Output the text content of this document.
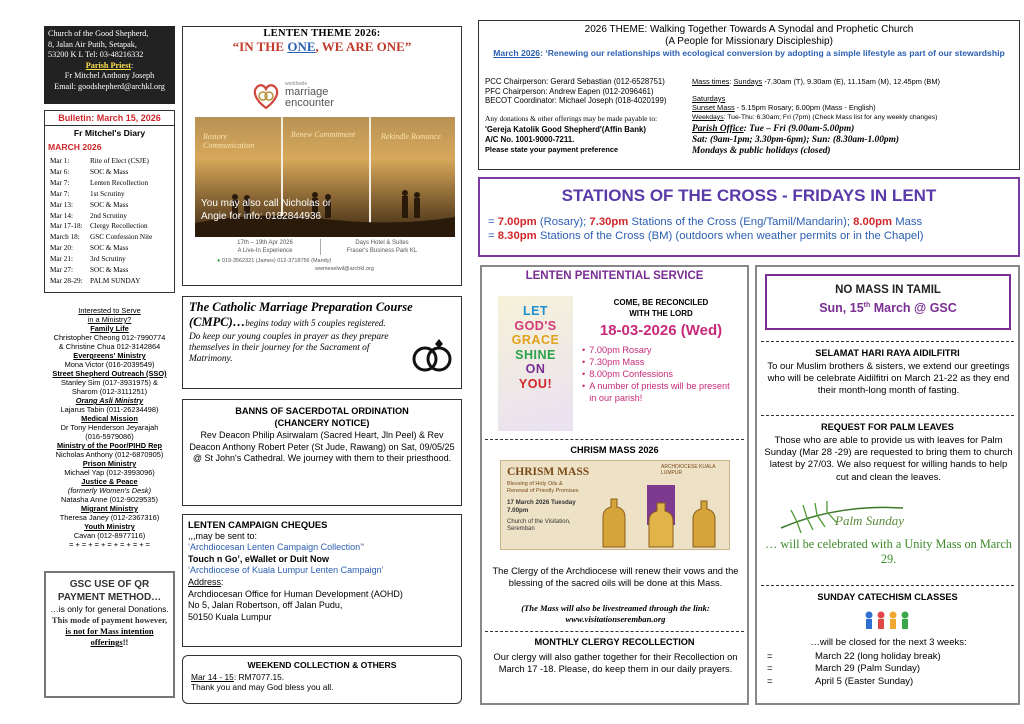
Church of the Good Shepherd,
8, Jalan Air Putih, Setapak,
53200 K L Tel: 03-48216332
Parish Priest:
Fr Mitchel Anthony Joseph
Email: goodshepherd@archkl.org
Bulletin: March 15, 2026
Fr Mitchel's Diary
MARCH 2026
Mar 1:	Rite of Elect (CSJE)
Mar 6:	SOC & Mass
Mar 7:	Lenten Recollection
Mar 7:	1st Scrutiny
Mar 13:	SOC & Mass
Mar 14:	2nd Scrutiny
Mar 17-18:	Clergy Recollection
March 18:	GSC Confession Nite
Mar 20:	SOC & Mass
Mar 21:	3rd Scrutiny
Mar 27:	SOC & Mass
Mar 28-29:	PALM SUNDAY
Interested to Serve
in a Ministry?
Family Life
Christopher Cheong 012-7990774
& Christine Chua 012-3142864
Evergreens' Ministry
Mona Victor (016-2039549)
Street Shepherd Outreach (SSO)
Stanley Sim (017-3931975) &
Sharom (012-3111251)
Orang Asli Ministry
Lajarus Tabin (011-26234498)
Medical Mission
Dr Tony Henderson Jeyarajah
(016-5979086)
Ministry of the Poor/PIHD Rep
Nicholas Anthony (012-6870905)
Prison Ministry
Michael Yap (012-3993096)
Justice & Peace
(formerly Women's Desk)
Natasha Anne (012-9029535)
Migrant Ministry
Theresa Janey (012-2367316)
Youth Ministry
Cavan (012-8977116)
= + = + = + = + = + = + =
GSC USE OF QR PAYMENT METHOD…
…is only for general Donations.
This mode of payment however,
is not for Mass intention offerings!!
LENTEN THEME 2026:
“IN THE ONE, WE ARE ONE”
worldwide
marriage
encounter
Restore Communication
Renew Commitment	Rekindle Romance
You may also call Nicholas or Angie for info: 0182844936
17th – 19th Apr 2026
A Live-In Experience
Days Hotel & Suites
Fraser's Business Park KL
● 019-3562321 (James) 012-3718756 (Mandy)
wwmeselwil@archkl.org
The Catholic Marriage Preparation Course (CMPC)…begins today with 5 couples registered.
Do keep our young couples in prayer as they prepare themselves in their journey for the Sacrament of Matrimony.
BANNS OF SACERDOTAL ORDINATION
(CHANCERY NOTICE)
Rev Deacon Philip Asirwalam (Sacred Heart, Jln Peel) & Rev Deacon Anthony Robert Peter (St Jude, Rawang) on Sat, 09/05/25 @ St John's Cathedral. We journey with them to their priesthood.
LENTEN CAMPAIGN CHEQUES
,,,may be sent to:
‘Archdiocesan Lenten Campaign Collection’‘
Touch n Go’, eWallet or Duit Now
‘Archdiocese of Kuala Lumpur Lenten Campaign’
Address:
Archdiocesan Office for Human Development (AOHD)
No 5, Jalan Robertson, off Jalan Pudu,
50150 Kuala Lumpur
WEEKEND COLLECTION & OTHERS
Mar 14 - 15: RM7077.15.
Thank you and may God bless you all.
2026 THEME: Walking Together Towards A Synodal and Prophetic Church
(A People for Missionary Discipleship)
March 2026: ‘Renewing our relationships with ecological conversion by adopting a simple lifestyle as part of our stewardship
PCC Chairperson: Gerard Sebastian (012-6528751)
PFC Chairperson: Andrew Eapen (012-2096461)
BECOT Coordinator: Michael Joseph (018-4020199)
Any donations & other offerings may be made payable to:
'Gereja Katolik Good Shepherd'(Affin Bank)
A/C No. 1001-9000-7211.
Please state your payment preference
Mass times: Sundays -7.30am (T), 9.30am (E), 11.15am (M), 12.45pm (BM)
Saturdays
Sunset Mass - 5.15pm Rosary; 6.00pm (Mass - English)
Weekdays: Tue-Thu: 6.30am; Fri (7pm) (Check Mass list for any weekly changes)
Parish Office: Tue – Fri (9.00am-5.00pm)
Sat: (9am-1pm; 3.30pm-6pm); Sun: (8.30am-1.00pm)
Mondays & public holidays (closed)
STATIONS OF THE CROSS - FRIDAYS IN LENT
= 7.00pm (Rosary); 7.30pm Stations of the Cross (Eng/Tamil/Mandarin); 8.00pm Mass
= 8.30pm Stations of the Cross (BM) (outdoors when weather permits or in the Chapel)
LENTEN PENITENTIAL SERVICE
LET
GOD'S
GRACE
SHINE
ON
YOU!
COME, BE RECONCILED
WITH THE LORD
18-03-2026 (Wed)
• 7.00pm Rosary
• 7.30pm Mass
• 8.00pm Confessions
• A number of priests will be present in our parish!
CHRISM MASS 2026
CHRISM MASS
Blessing of Holy Oils & Renewal of Priestly Promises
17 March 2026 Tuesday 7.00pm
Church of the Visitation, Seremban
ARCHDIOCESE KUALA LUMPUR
The Clergy of the Archdiocese will renew their vows and the blessing of the sacred oils will be done at this Mass.
(The Mass will also be livestreamed through the link: www.visitationseremban.org
MONTHLY CLERGY RECOLLECTION
Our clergy will also gather together for their Recollection on March 17 -18. Please, do keep them in our daily prayers.
NO MASS IN TAMIL
Sun, 15th March @ GSC
SELAMAT HARI RAYA AIDILFITRI
To our Muslim brothers & sisters, we extend our greetings who will be celebrate Aidilfitri on March 21-22 as they end their month-long month of fasting.
REQUEST FOR PALM LEAVES
Those who are able to provide us with leaves for Palm Sunday (Mar 28 -29) are requested to bring them to church latest by 27/03. We also request for willing hands to help cut and clean the leaves.
Palm Sunday
… will be celebrated with a Unity Mass on March 29.
SUNDAY CATECHISM CLASSES
…will be closed for the next 3 weeks:
=	March 22 (long holiday break)
=	March 29 (Palm Sunday)
=	April 5 (Easter Sunday)
